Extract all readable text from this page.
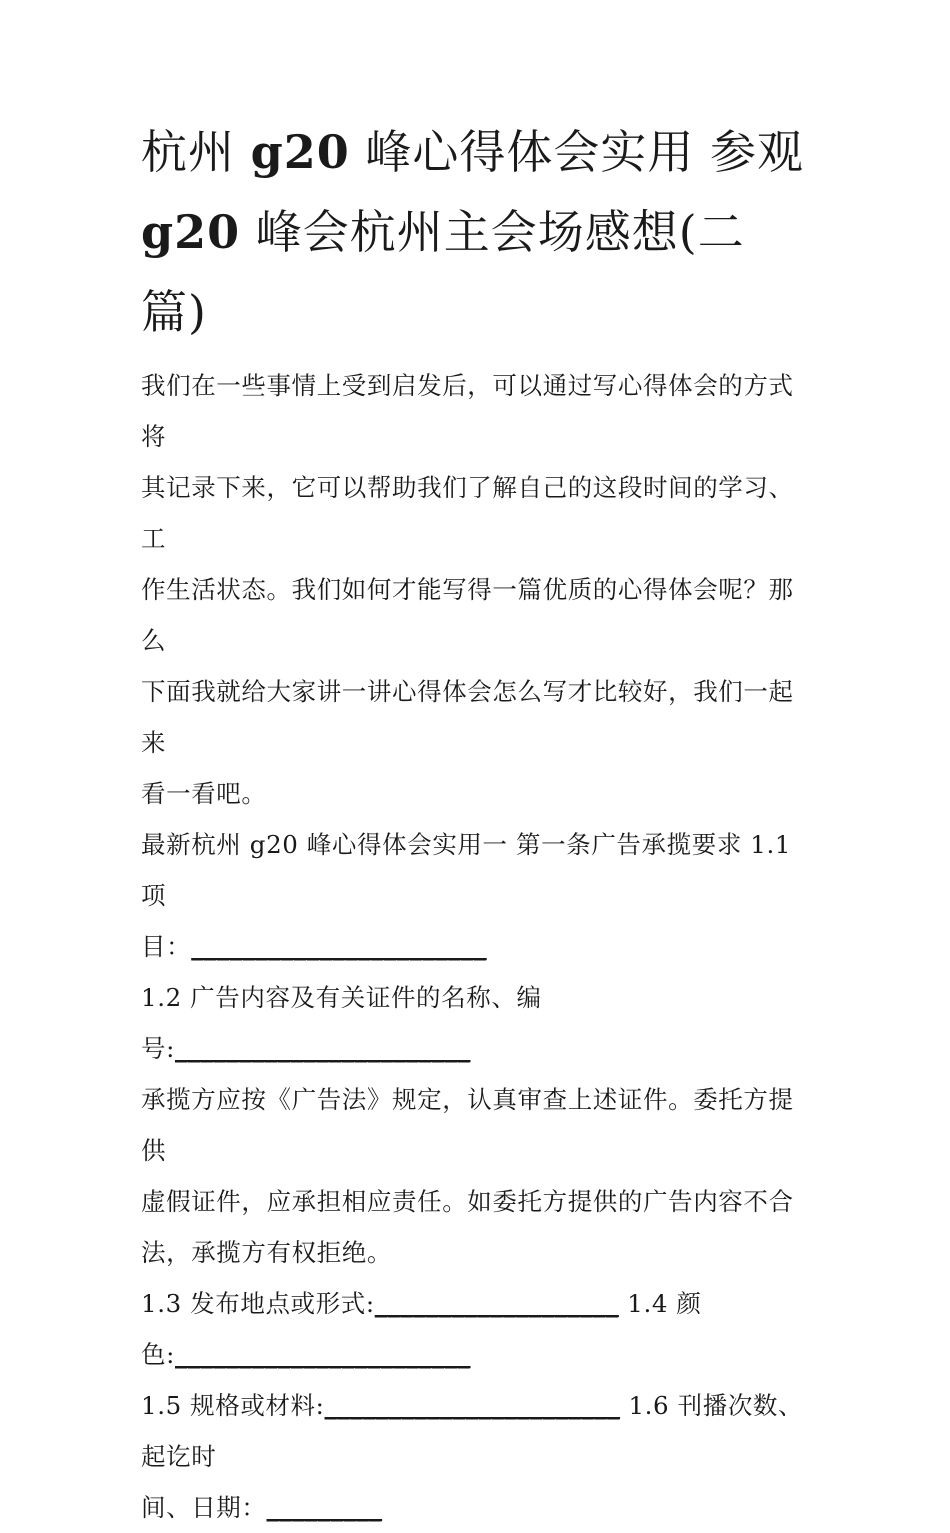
杭州 g20 峰心得体会实用 参观
g20 峰会杭州主会场感想(二
篇)

我们在一些事情上受到启发后，可以通过写心得体会的方式将

其记录下来，它可以帮助我们了解自己的这段时间的学习、工

作生活状态。我们如何才能写得一篇优质的心得体会呢？那么

下面我就给大家讲一讲心得体会怎么写才比较好，我们一起来

看一看吧。

最新杭州 g20 峰心得体会实用一 第一条广告承揽要求 1.1 项

目：_______________________

1.2 广告内容及有关证件的名称、编号:_______________________

承揽方应按《广告法》规定，认真审查上述证件。委托方提供

虚假证件，应承担相应责任。如委托方提供的广告内容不合

法，承揽方有权拒绝。

1.3 发布地点或形式:___________________ 1.4 颜

色:_______________________

1.5 规格或材料:_______________________ 1.6 刊播次数、起讫时

间、日期：_________
